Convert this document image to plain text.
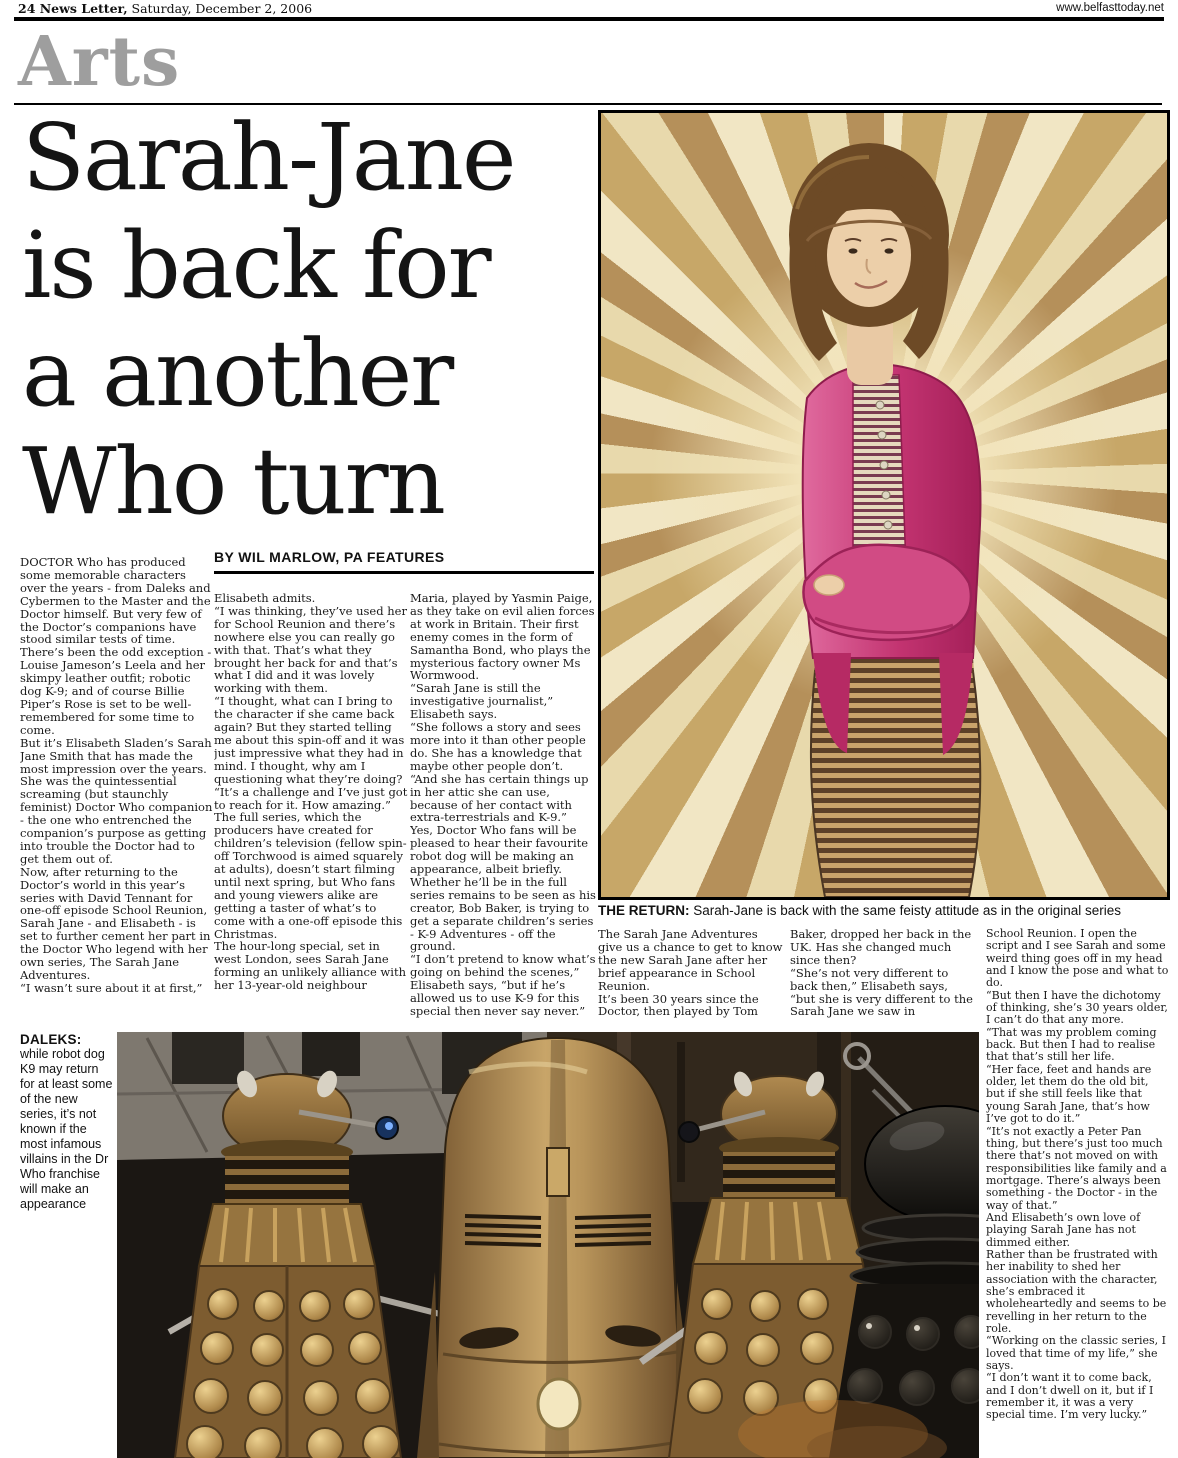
24 News Letter, Saturday, December 2, 2006	www.belfasttoday.net
Arts
Sarah-Jane
is back for
a another
Who turn

DOCTOR Who has produced some memorable characters over the years - from Daleks and Cybermen to the Master and the Doctor himself. But very few of the Doctor’s companions have stood similar tests of time.

There’s been the odd exception - Louise Jameson’s Leela and her skimpy leather outfit; robotic dog K-9; and of course Billie Piper’s Rose is set to be well-remembered for some time to come.

But it’s Elisabeth Sladen’s Sarah Jane Smith that has made the most impression over the years. She was the quintessential screaming (but staunchly feminist) Doctor Who companion - the one who entrenched the companion’s purpose as getting into trouble the Doctor had to get them out of.

Now, after returning to the Doctor’s world in this year’s series with David Tennant for one-off episode School Reunion, Sarah Jane - and Elisabeth - is set to further cement her part in the Doctor Who legend with her own series, The Sarah Jane Adventures.

“I wasn’t sure about it at first,”

BY WIL MARLOW, PA FEATURES

Elisabeth admits.

“I was thinking, they’ve used her for School Reunion and there’s nowhere else you can really go with that. That’s what they brought her back for and that’s what I did and it was lovely working with them.

“I thought, what can I bring to the character if she came back again? But they started telling me about this spin-off and it was just impressive what they had in mind. I thought, why am I questioning what they’re doing?

“It’s a challenge and I’ve just got to reach for it. How amazing.”

The full series, which the producers have created for children’s television (fellow spin-off Torchwood is aimed squarely at adults), doesn’t start filming until next spring, but Who fans and young viewers alike are getting a taster of what’s to come with a one-off episode this Christmas.

The hour-long special, set in west London, sees Sarah Jane forming an unlikely alliance with her 13-year-old neighbour

Maria, played by Yasmin Paige, as they take on evil alien forces at work in Britain. Their first enemy comes in the form of Samantha Bond, who plays the mysterious factory owner Ms Wormwood.

“Sarah Jane is still the investigative journalist,” Elisabeth says.

“She follows a story and sees more into it than other people do. She has a knowledge that maybe other people don’t.

“And she has certain things up in her attic she can use, because of her contact with extra-terrestrials and K-9.”

Yes, Doctor Who fans will be pleased to hear their favourite robot dog will be making an appearance, albeit briefly. Whether he’ll be in the full series remains to be seen as his creator, Bob Baker, is trying to get a separate children’s series - K-9 Adventures - off the ground.

“I don’t pretend to know what’s going on behind the scenes,” Elisabeth says, “but if he’s allowed us to use K-9 for this special then never say never.”

THE RETURN: Sarah-Jane is back with the same feisty attitude as in the original series

The Sarah Jane Adventures give us a chance to get to know the new Sarah Jane after her brief appearance in School Reunion.

It’s been 30 years since the Doctor, then played by Tom

Baker, dropped her back in the UK. Has she changed much since then?

“She’s not very different to back then,” Elisabeth says, “but she is very different to the Sarah Jane we saw in

School Reunion. I open the script and I see Sarah and some weird thing goes off in my head and I know the pose and what to do.

“But then I have the dichotomy of thinking, she’s 30 years older, I can’t do that any more.

“That was my problem coming back. But then I had to realise that that’s still her life.

“Her face, feet and hands are older, let them do the old bit, but if she still feels like that young Sarah Jane, that’s how I’ve got to do it.”

“It’s not exactly a Peter Pan thing, but there’s just too much there that’s not moved on with responsibilities like family and a mortgage. There’s always been something - the Doctor - in the way of that.”

And Elisabeth’s own love of playing Sarah Jane has not dimmed either.

Rather than be frustrated with her inability to shed her association with the character, she’s embraced it wholeheartedly and seems to be revelling in her return to the role.

“Working on the classic series, I loved that time of my life,” she says.

“I don’t want it to come back, and I don’t dwell on it, but if I remember it, it was a very special time. I’m very lucky.”

DALEKS:
while robot dog K9 may return for at least some of the new series, it’s not known if the most infamous villains in the Dr Who franchise will make an appearance
